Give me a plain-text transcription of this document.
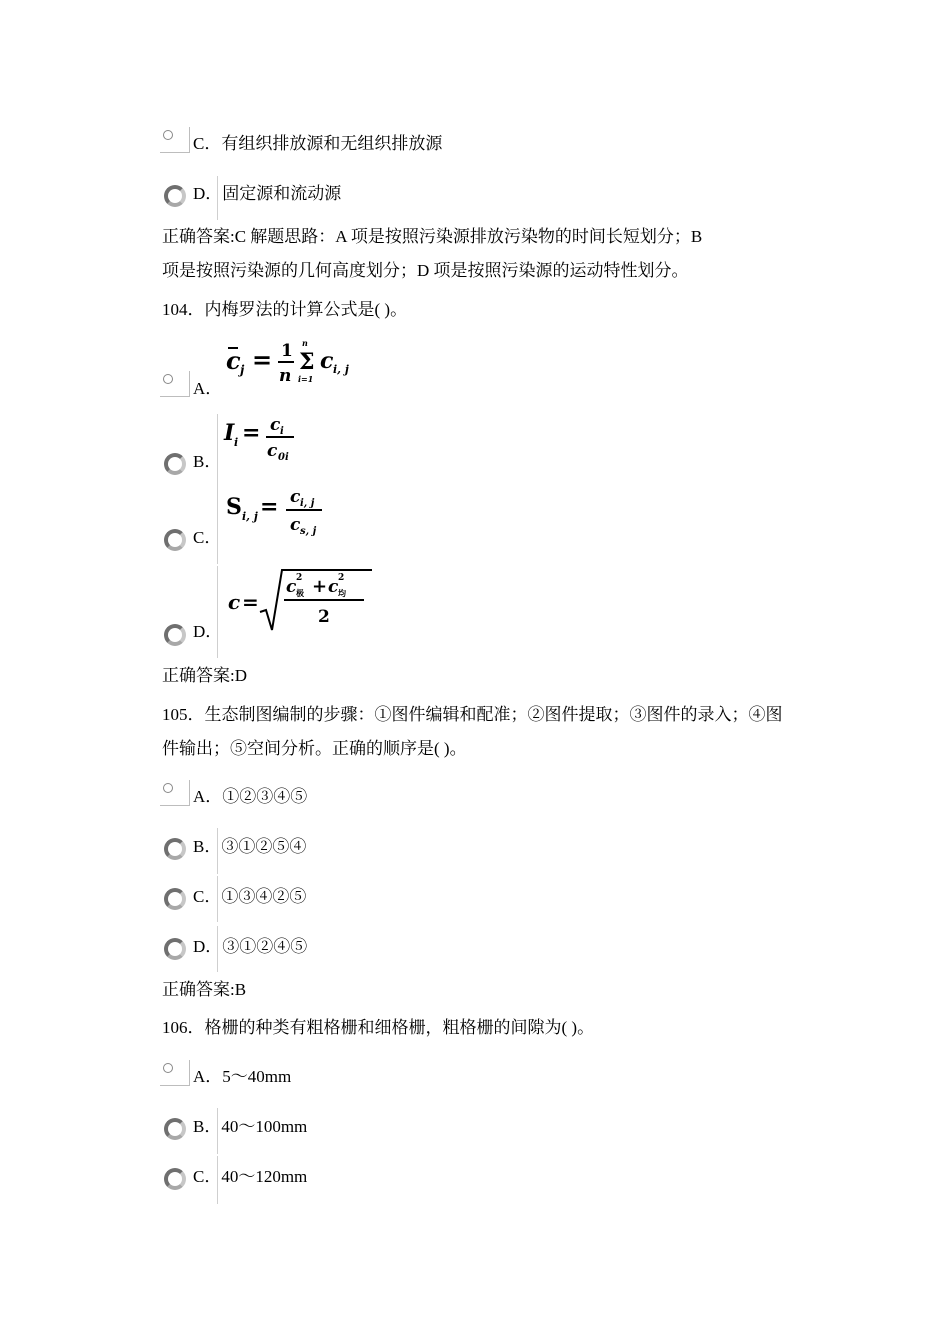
C．有组织排放源和无组织排放源
D．固定源和流动源
正确答案:C 解题思路：A 项是按照污染源排放污染物的时间长短划分；B
项是按照污染源的几何高度划分；D 项是按照污染源的运动特性划分。
104．内梅罗法的计算公式是( )。
A．
c j = 1
n
n
Σ
i=1
c i, j
B．
I i = c i
c 0i
C．
S i, j = c i, j
c s, j
D．
c =
c 2
极 + c 2
均
2
正确答案:D
105．生态制图编制的步骤：①图件编辑和配准；②图件提取；③图件的录入；④图件输出；⑤空间分析。正确的顺序是( )。
A．①②③④⑤
B．③①②⑤④
C．①③④②⑤
D．③①②④⑤
正确答案:B
106．格栅的种类有粗格栅和细格栅，粗格栅的间隙为( )。
A．5～40mm
B．40～100mm
C．40～120mm
